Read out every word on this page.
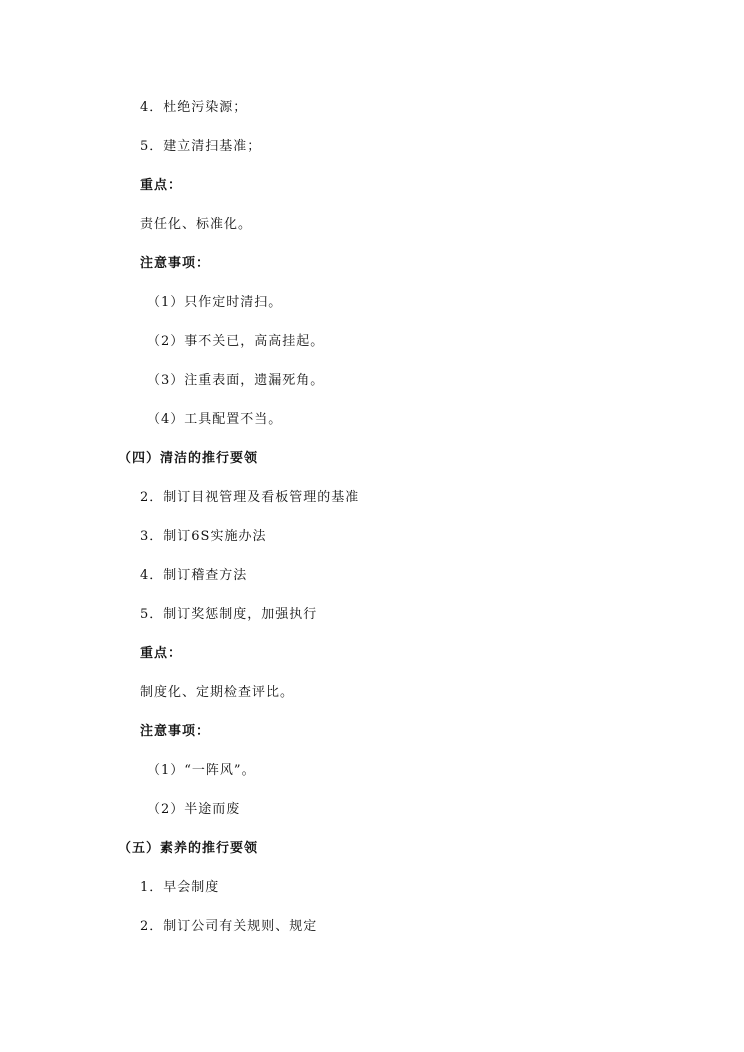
4．杜绝污染源；
5．建立清扫基准；
重点：
责任化、标准化。
注意事项：
（1）只作定时清扫。
（2）事不关已，高高挂起。
（3）注重表面，遗漏死角。
（4）工具配置不当。
（四）清洁的推行要领
2．制订目视管理及看板管理的基准
3．制订6S实施办法
4．制订稽查方法
5．制订奖惩制度，加强执行
重点：
制度化、定期检查评比。
注意事项：
（1）“一阵风”。
（2）半途而废
（五）素养的推行要领
1．早会制度
2．制订公司有关规则、规定
